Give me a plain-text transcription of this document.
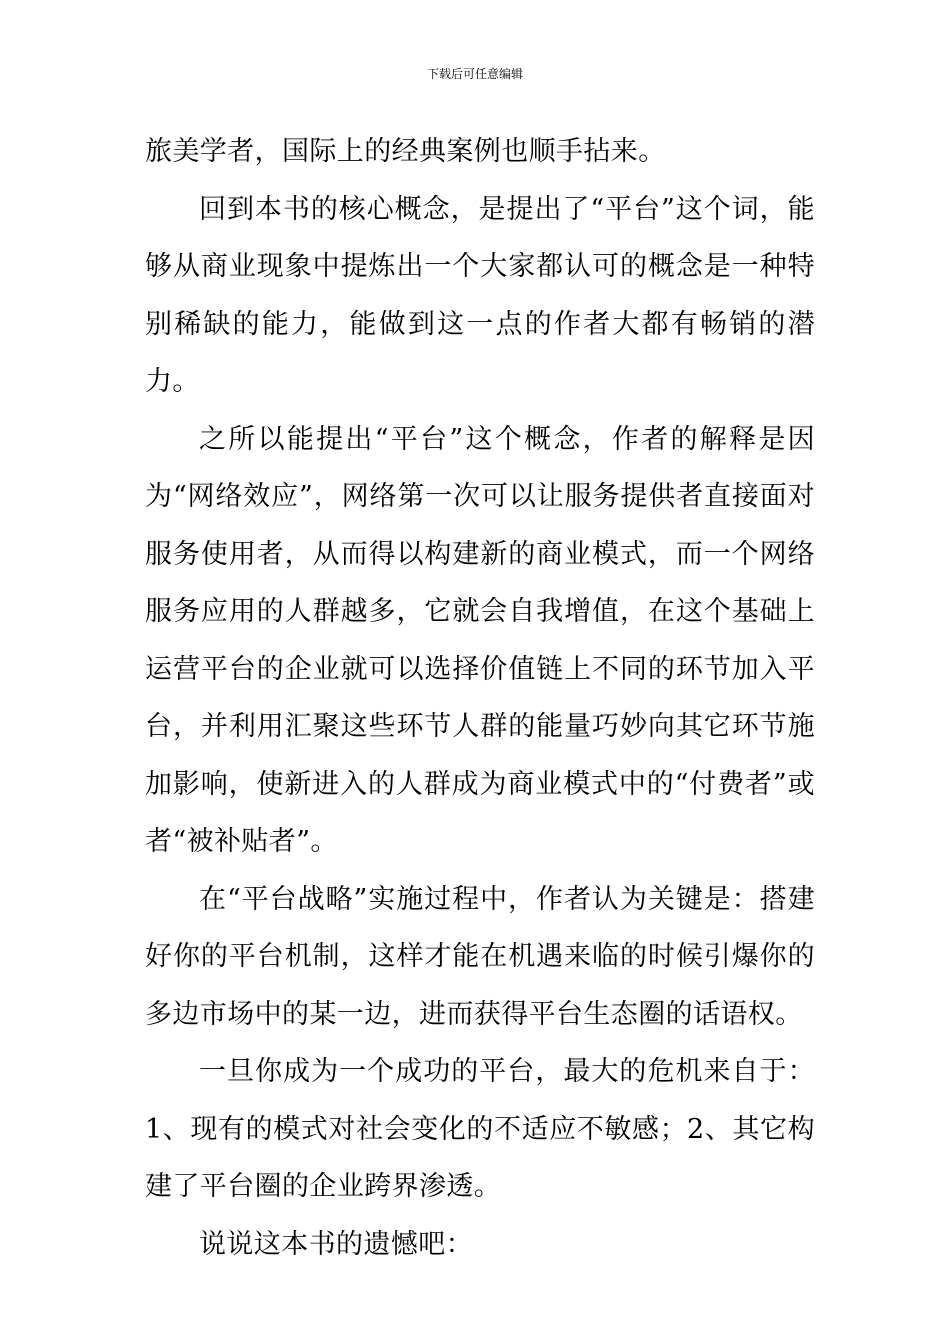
下载后可任意编辑

旅美学者，国际上的经典案例也顺手拈来。

回到本书的核心概念，是提出了“平台”这个词，能够从商业现象中提炼出一个大家都认可的概念是一种特别稀缺的能力，能做到这一点的作者大都有畅销的潜力。

之所以能提出“平台”这个概念，作者的解释是因为“网络效应”，网络第一次可以让服务提供者直接面对服务使用者，从而得以构建新的商业模式，而一个网络服务应用的人群越多，它就会自我增值，在这个基础上运营平台的企业就可以选择价值链上不同的环节加入平台，并利用汇聚这些环节人群的能量巧妙向其它环节施加影响，使新进入的人群成为商业模式中的“付费者”或者“被补贴者”。

在“平台战略”实施过程中，作者认为关键是：搭建好你的平台机制，这样才能在机遇来临的时候引爆你的多边市场中的某一边，进而获得平台生态圈的话语权。

一旦你成为一个成功的平台，最大的危机来自于：1、现有的模式对社会变化的不适应不敏感；2、其它构建了平台圈的企业跨界渗透。

说说这本书的遗憾吧：
